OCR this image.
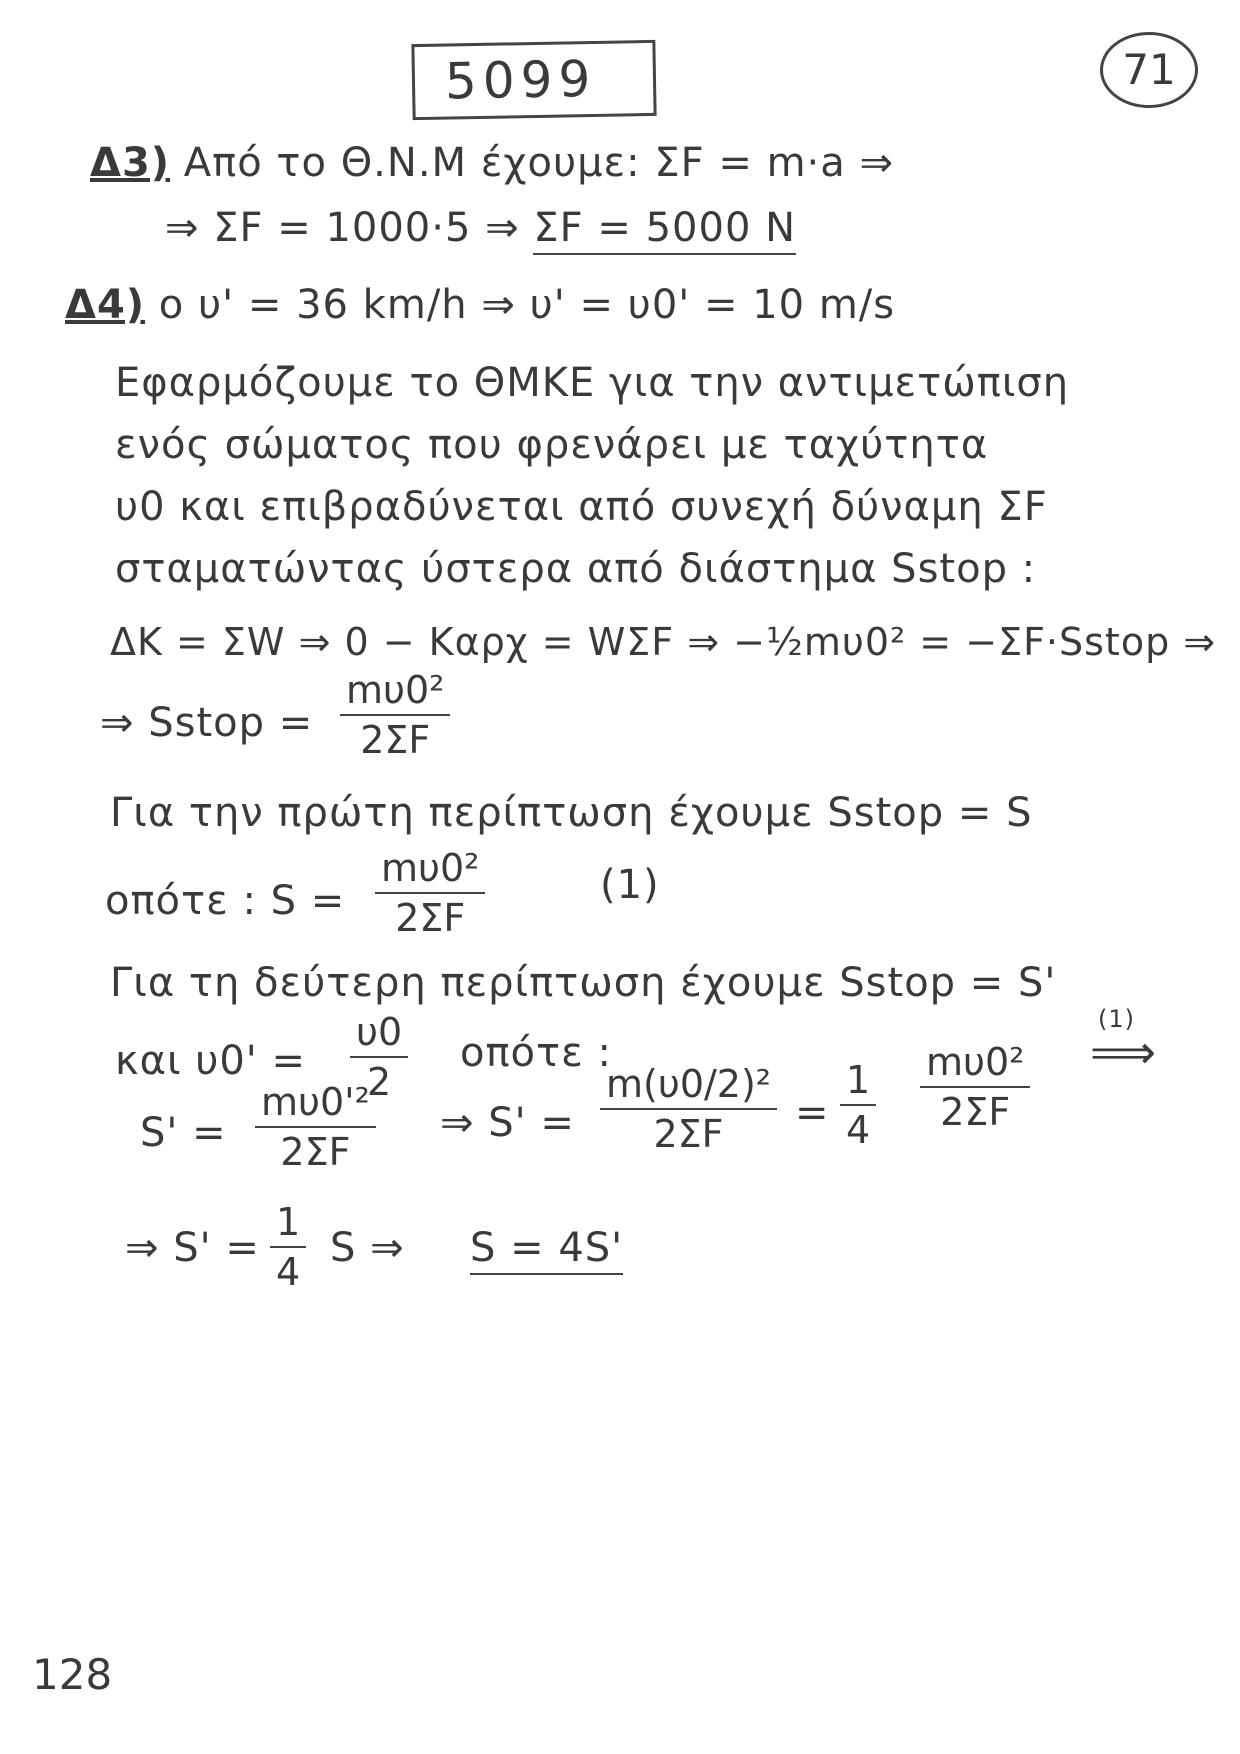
5099	71
Δ3) Από το Θ.Ν.Μ έχουμε: ΣF = m·a ⇒
⇒ ΣF = 1000·5 ⇒ ΣF = 5000 N
Δ4) o υ' = 36 km/h ⇒ υ' = υ0' = 10 m/s
Εφαρμόζουμε το ΘΜΚΕ για την αντιμετώπιση
ενός σώματος που φρενάρει με ταχύτητα
υ0 και επιβραδύνεται από συνεχή δύναμη ΣF
σταματώντας ύστερα από διάστημα Sstop :
ΔK = ΣW ⇒ 0 − Kαρχ = WΣF ⇒ −½mυ0² = −ΣF·Sstop ⇒
⇒ Sstop = $\frac{\text{mυ0²}}{2\Sigma F}$
Για την πρώτη περίπτωση έχουμε Sstop = S
οπότε : $S = \frac{\text{mυ0²}}{2\Sigma F}$	(1)
Για τη δεύτερη περίπτωση έχουμε Sstop = S'
και $\upsilon 0' = \frac{\upsilon 0}{2}$ οπότε :
$S' = \frac{\text{mυ0'²}}{2\Sigma F}$ ⇒ $S' = \frac{\text{m(υ0/2)²}}{2\Sigma F} = \frac{1}{4} \frac{\text{mυ0²}}{2\Sigma F}$
(1)
⟹
⇒ $S' = \frac{1}{4}$ S ⇒ S = 4S'
128
